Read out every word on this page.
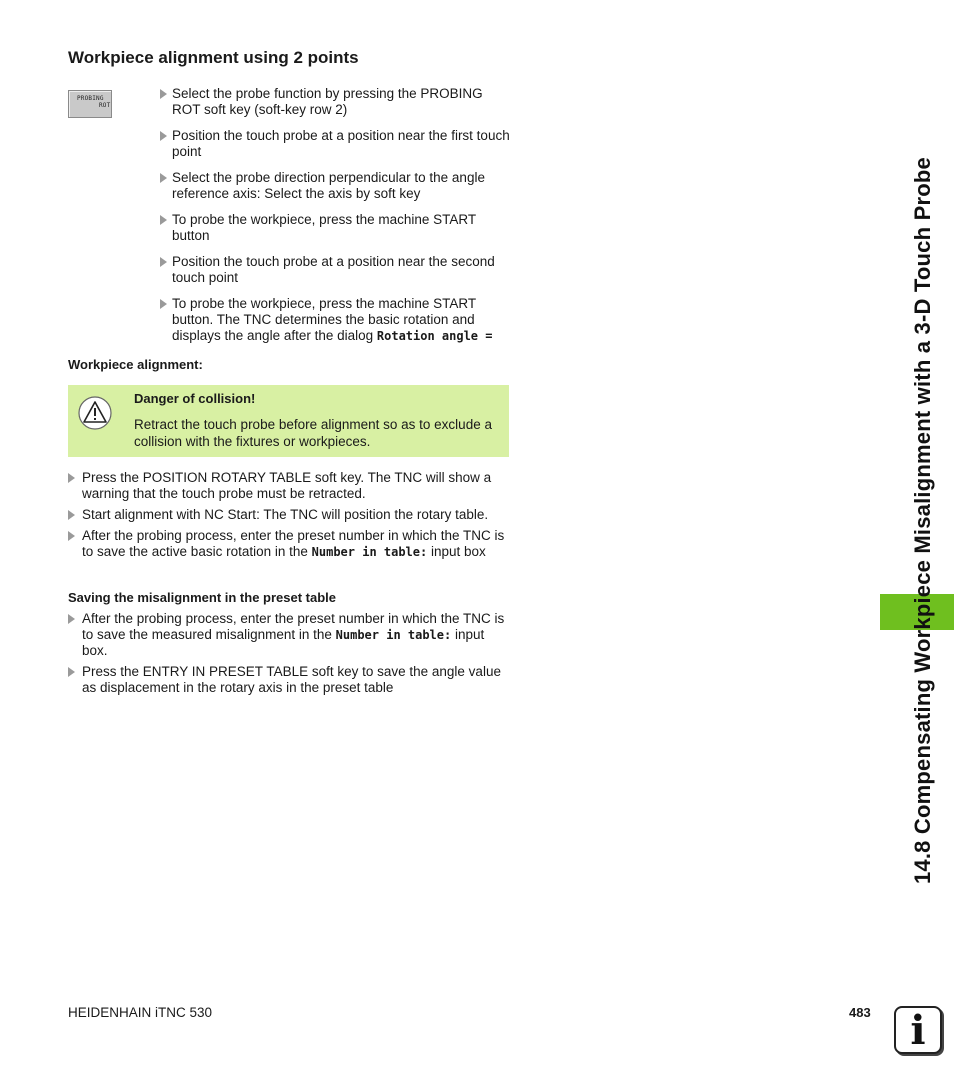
Workpiece alignment using 2 points
PROBING
ROT
Select the probe function by pressing the PROBING ROT soft key (soft-key row 2)
Position the touch probe at a position near the first touch point
Select the probe direction perpendicular to the angle reference axis: Select the axis by soft key
To probe the workpiece, press the machine START button
Position the touch probe at a position near the second touch point
To probe the workpiece, press the machine START button. The TNC determines the basic rotation and displays the angle after the dialog Rotation angle =
Workpiece alignment:
Danger of collision!
Retract the touch probe before alignment so as to exclude a collision with the fixtures or workpieces.
Press the POSITION ROTARY TABLE soft key. The TNC will show a warning that the touch probe must be retracted.
Start alignment with NC Start: The TNC will position the rotary table.
After the probing process, enter the preset number in which the TNC is to save the active basic rotation in the Number in table: input box
Saving the misalignment in the preset table
After the probing process, enter the preset number in which the TNC is to save the measured misalignment in the Number in table: input box.
Press the ENTRY IN PRESET TABLE soft key to save the angle value as displacement in the rotary axis in the preset table	14.8 Compensating Workpiece Misalignment with a 3-D Touch Probe
HEIDENHAIN iTNC 530	483 i
